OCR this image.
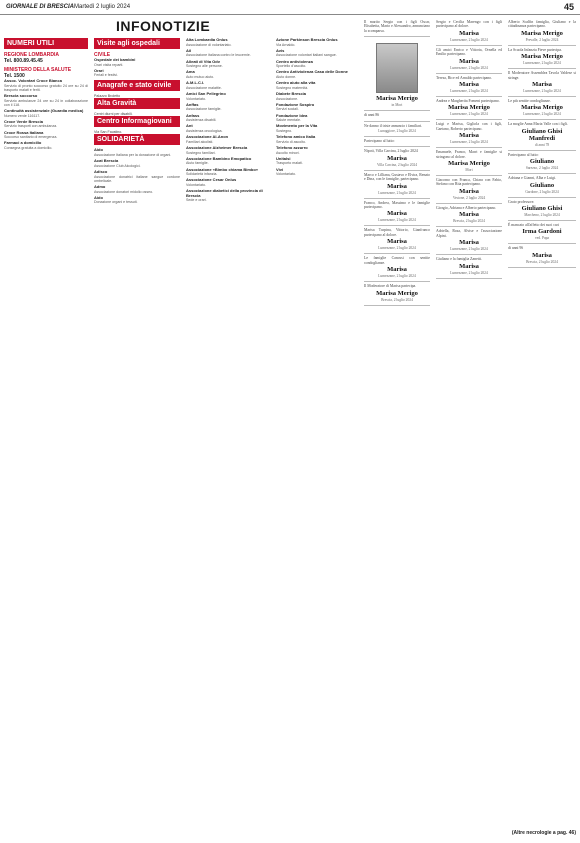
GIORNALE DI BRESCIA Martedì 2 luglio 2024	45
INFONOTIZIE
NUMERI UTILI
REGIONE LOMBARDIA
Tel. 800.89.45.45
MINISTERO DELLA SALUTE
Tel. 1500
Assoc. Volontari Croce Bianca
Servizio di pronto soccorso gratuito 24 ore su 24 di trasporto malati e feriti.
Brescia soccorso
Servizio ambulanze 24 ore su 24 in collaborazione con il 118.
Continuità assistenziale (Guardia medica)
Numero verde 116117.
Croce Verde Brescia
Servizio trasporti con ambulanza.
Croce Rossa Italiana
Soccorso sanitario di emergenza.
Farmaci a domicilio
Consegna gratuita a domicilio.
Visite agli ospedali
CIVILE
Ospedale dei bambini
Orari visita reparti.
Orari
Feriali e festivi.
Anagrafe e stato civile
Palazzo Broletto
Alta Gravità
Centri diurni per disabili.
Centro Informagiovani
Via San Faustino.
SOLIDARIETÀ
Aido
Associazione Italiana per la donazione di organi.
Acat Brescia
Associazione Club Alcologici.
Adisco
Associazione donatrici italiane sangue cordone ombelicale.
Admo
Associazione donatori midollo osseo.
Aido
Donazione organi e tessuti.
Alta Lombardia Onlus
Associazione di volontariato.
Ail
Associazione italiana contro le leucemie.
Alleati di Vita Odv
Sostegno alle persone.
Ama
Auto mutuo aiuto.
A.M.L.C.I.
Associazione malattie.
Amici San Pellegrino
Volontariato.
Anffas
Associazione famiglie.
Anfass
Assistenza disabili.
Ant
Assistenza oncologica.
Associazione Al-Anon
Familiari alcolisti.
Associazione Alzheimer Brescia
Sostegno familiari.
Associazione Bambino Emopatico
Aiuto famiglie.
Associazione «Bimbo chiama Bimbo»
Solidarietà infanzia.
Associazione Cesar Onlus
Volontariato.
Associazione diabetici della provincia di Brescia
Sede e orari.
Azione Parkinson Brescia Onlus
Via Arnaldo.
Avis
Associazione volontari italiani sangue.
Centro antiviolenza
Sportello d'ascolto.
Centro Antiviolenza Casa delle Donne
Aiuto donne.
Centro aiuto alla vita
Sostegno maternità.
Diabete Brescia
Associazione.
Fondazione Sospiro
Servizi sociali.
Fondazione Idea
Salute mentale.
Movimento per la Vita
Sostegno.
Telefono amico Italia
Servizio di ascolto.
Telefono azzurro
Ascolto minori.
Unitalsi
Trasporto malati.
Vivi
Volontariato.
Il marito Sergio con i figli Oscar, Elisabetta, Mario e Alessandro, annunciano la scomparsa.
Marisa Merigo
in Mori
di anni 86
Ne danno il triste annuncio i familiari.
Lunaggiore, 2 luglio 2024
Partecipano al lutto:
Nipoti, Villa Carcina, 2 luglio 2024
Marisa
Villa Carcina, 2 luglio 2024
Marco e Lilliana, Gustavo e Elvira, Renato e Dina, con le famiglie, partecipano.
Marisa
Lumezzane, 2 luglio 2024
Franco, Andrea, Massimo e le famiglie partecipano.
Marisa
Lumezzane, 2 luglio 2024
Marisa Turpina, Vittorio, Gianfranco partecipano al dolore.
Marisa
Lumezzane, 2 luglio 2024
Le famiglie Canossi con sentite condoglianze.
Marisa
Lumezzane, 2 luglio 2024
Il Moderatore di Marisa partecipa.
Marisa Merigo
Brescia, 2 luglio 2024
Sergio e Cecilia Marengo con i figli partecipano al dolore.
Marisa
Lumezzane, 2 luglio 2024
Gli amici Enrico e Vittoria, Ornella ed Emilio partecipano.
Marisa
Lumezzane, 2 luglio 2024
Teresa, Bice ed Arnaldo partecipano.
Marisa
Lumezzane, 2 luglio 2024
Andrea e Margherita Fomeni partecipano.
Marisa Merigo
Lumezzane, 2 luglio 2024
Luigi e Marisa, Gigliola con i figli, Gaetano, Roberto partecipano.
Marisa
Lumezzane, 2 luglio 2024
Emanuele, Franco, Marri e famiglie si stringono al dolore.
Marisa Merigo
Mori
Giacomo con Franca, Chiara con Fabio, Stefano con Rita partecipano.
Marisa
Vestone, 2 luglio 2024
Giorgio, Adriana e Alberto partecipano.
Marisa
Brescia, 2 luglio 2024
Adriella, Rosa, Alvise e l'associazione Alpini.
Marisa
Lumezzane, 2 luglio 2024
Giuliano e la famiglia Zanetti.
Marisa
Lumezzane, 2 luglio 2024
Alberto Scalfin famiglia, Giuliano e la cittadinanza partecipano.
Marisa Merigo
Prevalle, 2 luglio 2024
La Scuola Infanzia Fieve partecipa.
Marisa Merigo
Lumezzane, 2 luglio 2024
Il Moderatore Assemblea Tavola Valdese si stringe.
Marisa
Lumezzane, 2 luglio 2024
Le più sentite condoglianze.
Marisa Merigo
Lumezzane, 2 luglio 2024
La moglie Anna Maria Valle con i figli.
Giuliano Ghisi Manfredi
di anni 78
Partecipano al lutto:
Giuliano
Sarezzo, 2 luglio 2024
Adriana e Gianni, Alba e Luigi.
Giuliano
Gardone, 2 luglio 2024
Grato professore.
Giuliano Ghisi
Marcheno, 2 luglio 2024
È mancato all'affetto dei suoi cari
Irma Gardoni
ved. Papa
di anni 96
Marisa
Brescia, 2 luglio 2024
(Altre necrologie a pag. 46)
